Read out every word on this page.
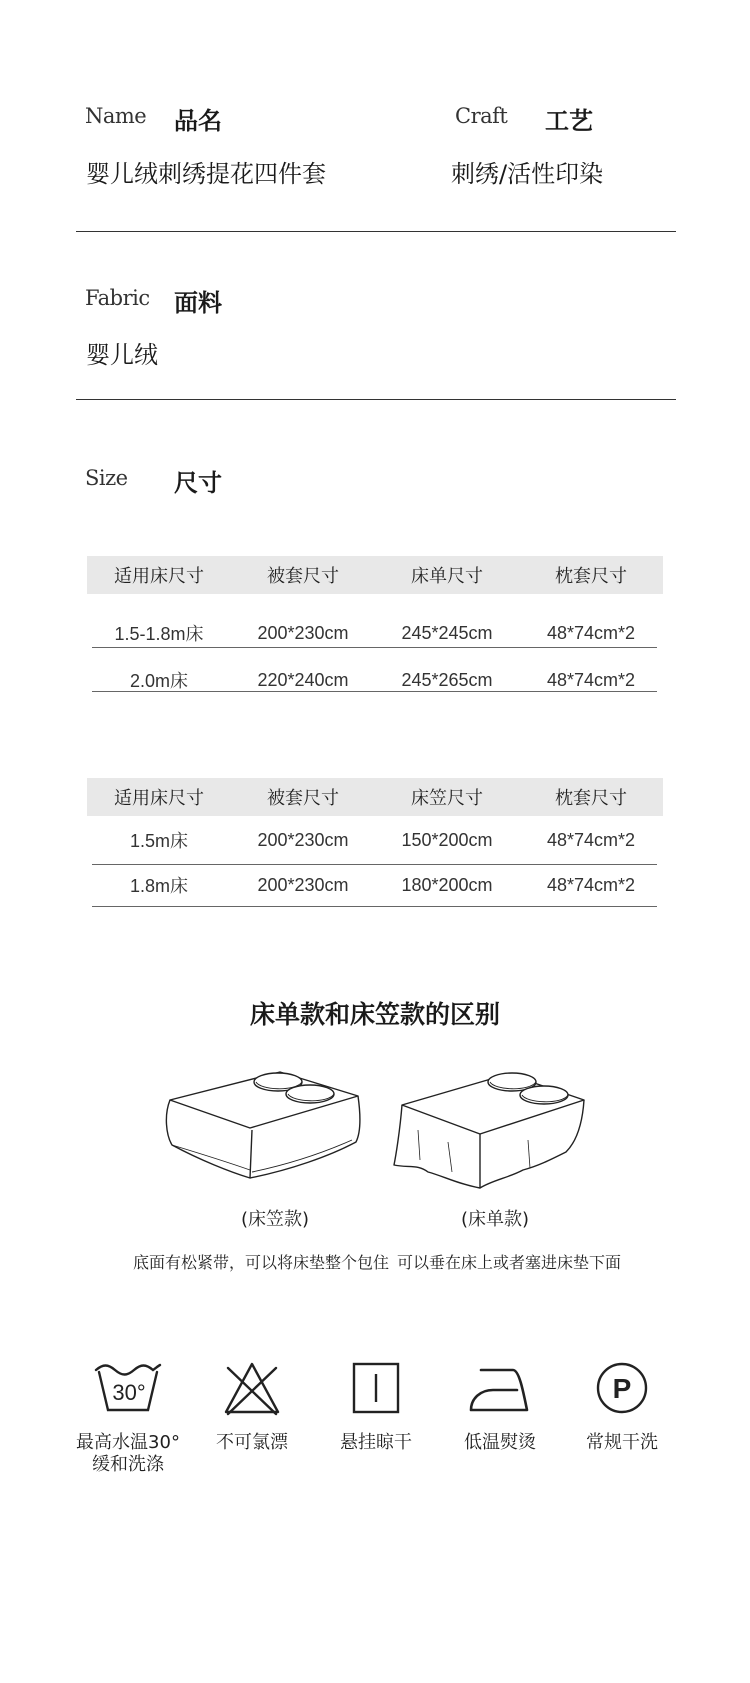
Name 品名
婴儿绒刺绣提花四件套
Craft 工艺
刺绣/活性印染
Fabric 面料
婴儿绒
Size 尺寸
适用床尺寸	被套尺寸	床单尺寸	枕套尺寸
1.5-1.8m床	200*230cm	245*245cm	48*74cm*2
2.0m床	220*240cm	245*265cm	48*74cm*2
适用床尺寸	被套尺寸	床笠尺寸	枕套尺寸
1.5m床	200*230cm	150*200cm	48*74cm*2
1.8m床	200*230cm	180*200cm	48*74cm*2
床单款和床笠款的区别
(床笠款)	(床单款)
底面有松紧带，可以将床垫整个包住 可以垂在床上或者塞进床垫下面
30°
最高水温30°
缓和洗涤
不可氯漂	悬挂晾干	低温熨烫
P
常规干洗
